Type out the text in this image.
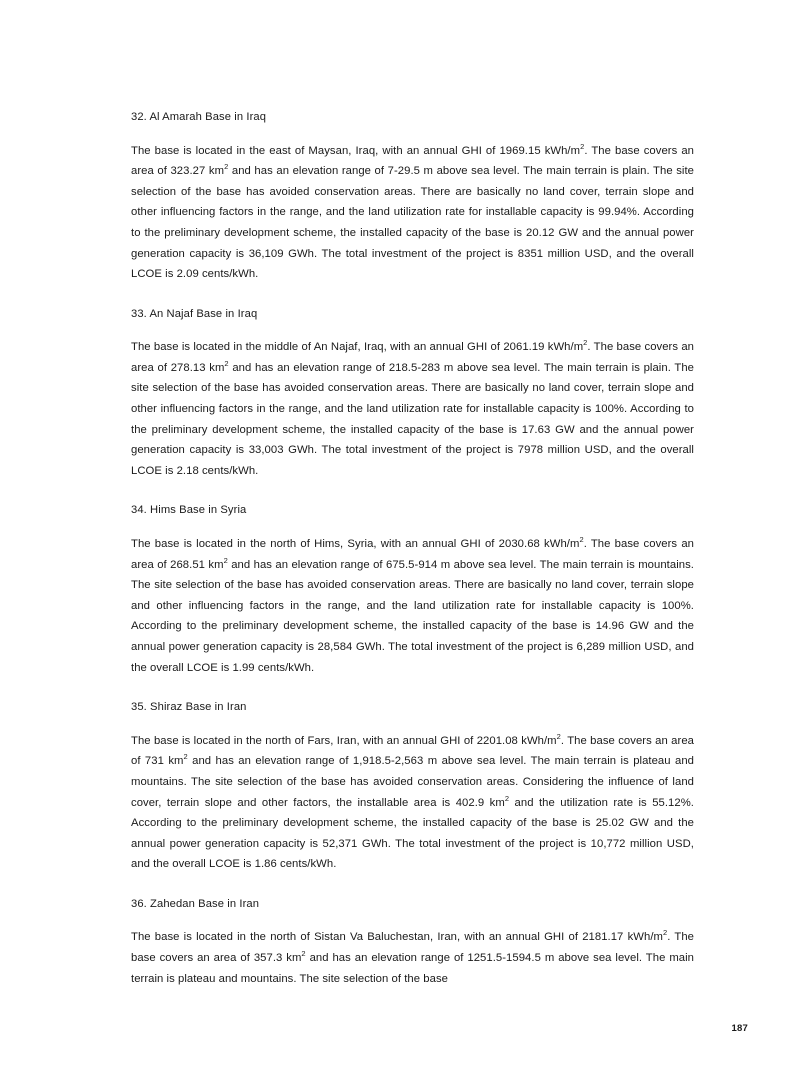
32. Al Amarah Base in Iraq

The base is located in the east of Maysan, Iraq, with an annual GHI of 1969.15 kWh/$m^2$. The base covers an area of 323.27 $km^2$ and has an elevation range of 7-29.5 m above sea level. The main terrain is plain. The site selection of the base has avoided conservation areas. There are basically no land cover, terrain slope and other influencing factors in the range, and the land utilization rate for installable capacity is 99.94%. According to the preliminary development scheme, the installed capacity of the base is 20.12 GW and the annual power generation capacity is 36,109 GWh. The total investment of the project is 8351 million USD, and the overall LCOE is 2.09 cents/kWh.

33. An Najaf Base in Iraq

The base is located in the middle of An Najaf, Iraq, with an annual GHI of 2061.19 kWh/$m^2$. The base covers an area of 278.13 $km^2$ and has an elevation range of 218.5-283 m above sea level. The main terrain is plain. The site selection of the base has avoided conservation areas. There are basically no land cover, terrain slope and other influencing factors in the range, and the land utilization rate for installable capacity is 100%. According to the preliminary development scheme, the installed capacity of the base is 17.63 GW and the annual power generation capacity is 33,003 GWh. The total investment of the project is 7978 million USD, and the overall LCOE is 2.18 cents/kWh.

34. Hims Base in Syria

The base is located in the north of Hims, Syria, with an annual GHI of 2030.68 kWh/$m^2$. The base covers an area of 268.51 $km^2$ and has an elevation range of 675.5-914 m above sea level. The main terrain is mountains. The site selection of the base has avoided conservation areas. There are basically no land cover, terrain slope and other influencing factors in the range, and the land utilization rate for installable capacity is 100%. According to the preliminary development scheme, the installed capacity of the base is 14.96 GW and the annual power generation capacity is 28,584 GWh. The total investment of the project is 6,289 million USD, and the overall LCOE is 1.99 cents/kWh.

35. Shiraz Base in Iran

The base is located in the north of Fars, Iran, with an annual GHI of 2201.08 kWh/$m^2$. The base covers an area of 731 $km^2$ and has an elevation range of 1,918.5-2,563 m above sea level. The main terrain is plateau and mountains. The site selection of the base has avoided conservation areas. Considering the influence of land cover, terrain slope and other factors, the installable area is 402.9 $km^2$ and the utilization rate is 55.12%. According to the preliminary development scheme, the installed capacity of the base is 25.02 GW and the annual power generation capacity is 52,371 GWh. The total investment of the project is 10,772 million USD, and the overall LCOE is 1.86 cents/kWh.

36. Zahedan Base in Iran

The base is located in the north of Sistan Va Baluchestan, Iran, with an annual GHI of 2181.17 kWh/$m^2$. The base covers an area of 357.3 $km^2$ and has an elevation range of 1251.5-1594.5 m above sea level. The main terrain is plateau and mountains. The site selection of the base

187
